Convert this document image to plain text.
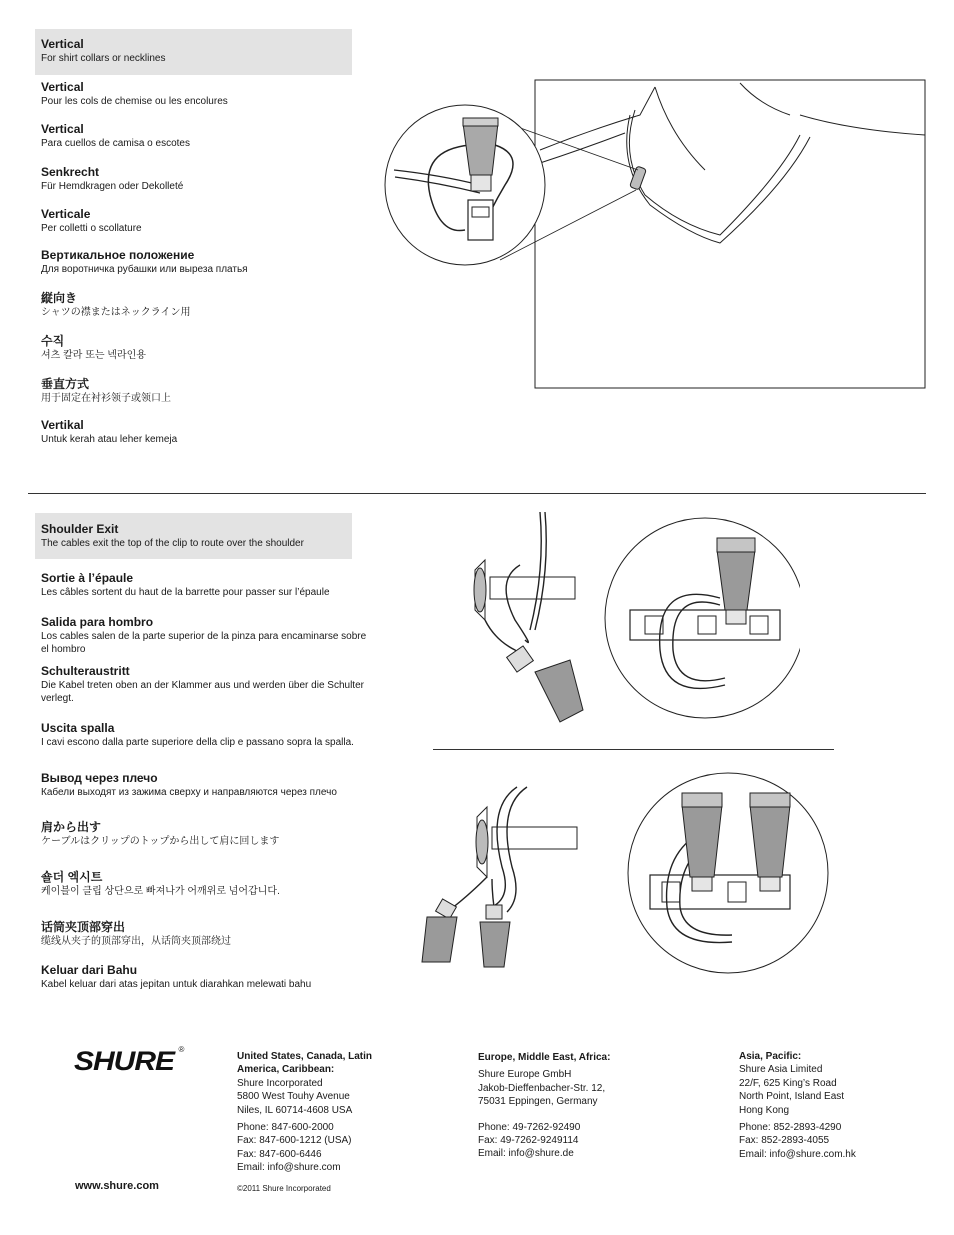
Vertical
For shirt collars or necklines
Vertical
Pour les cols de chemise ou les encolures
Vertical
Para cuellos de camisa o escotes
Senkrecht
Für Hemdkragen oder Dekolleté
Verticale
Per colletti o scollature
Вертикальное положение
Для воротничка рубашки или выреза платья
縦向き
シャツの襟またはネックライン用
수직
셔츠 칼라 또는 넥라인용
垂直方式
用于固定在衬衫领子或领口上
Vertikal
Untuk kerah atau leher kemeja
Shoulder Exit
The cables exit the top of the clip to route over the shoulder
Sortie à l’épaule
Les câbles sortent du haut de la barrette pour passer sur l’épaule
Salida para hombro
Los cables salen de la parte superior de la pinza para encaminarse sobre el hombro
Schulteraustritt
Die Kabel treten oben an der Klammer aus und werden über die Schulter verlegt.
Uscita spalla
I cavi escono dalla parte superiore della clip e passano sopra la spalla.
Вывод через плечо
Кабели выходят из зажима сверху и направляются через плечо
肩から出す
ケーブルはクリップのトップから出して肩に回します
숄더 엑시트
케이블이 클립 상단으로 빠져나가 어깨위로 넘어갑니다.
话筒夹顶部穿出
缆线从夹子的顶部穿出，从话筒夹顶部绕过
Keluar dari Bahu
Kabel keluar dari atas jepitan untuk diarahkan melewati bahu
SHURE ®
www.shure.com	©2011 Shure Incorporated
United States, Canada, Latin America, Caribbean:
Shure Incorporated
5800 West Touhy Avenue
Niles, IL 60714-4608 USA
Phone: 847-600-2000
Fax: 847-600-1212 (USA)
Fax: 847-600-6446
Email: info@shure.com
Europe, Middle East, Africa:
Shure Europe GmbH
Jakob-Dieffenbacher-Str. 12,
75031 Eppingen, Germany
Phone: 49-7262-92490
Fax: 49-7262-9249114
Email: info@shure.de
Asia, Pacific:
Shure Asia Limited
22/F, 625 King’s Road
North Point, Island East
Hong Kong
Phone: 852-2893-4290
Fax: 852-2893-4055
Email: info@shure.com.hk
